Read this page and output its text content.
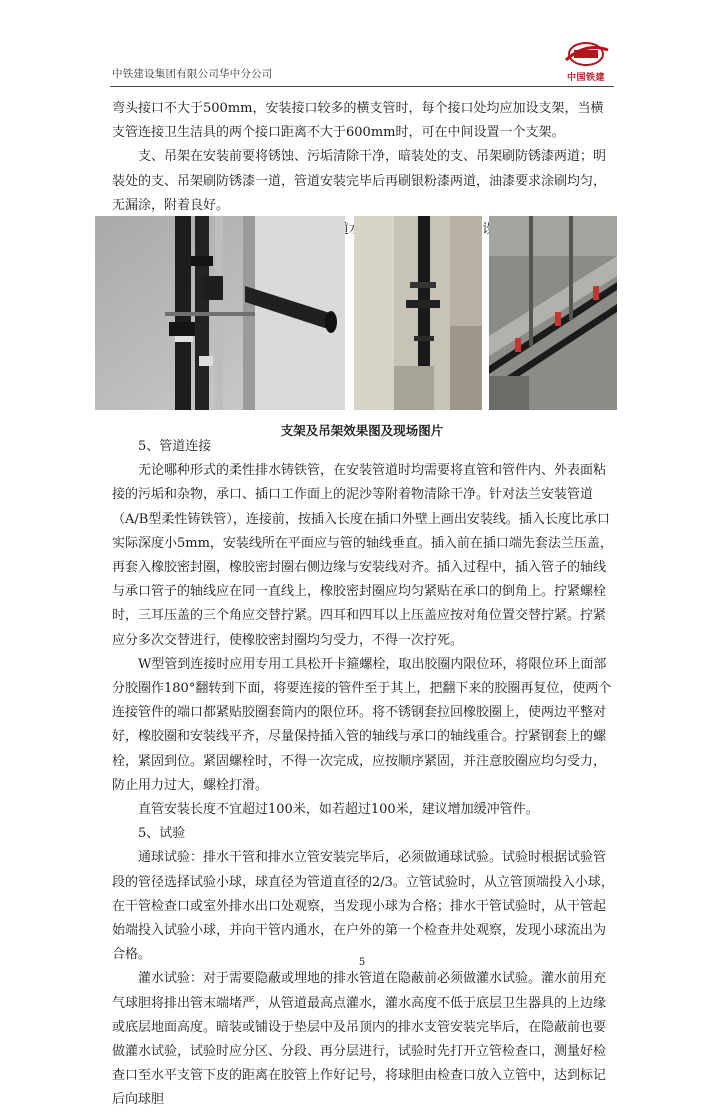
中铁建设集团有限公司华中分公司	中国铁建

弯头接口不大于500mm，安装接口较多的横支管时，每个接口处均应加设支架，当横支管连接卫生洁具的两个接口距离不大于600mm时，可在中间设置一个支架。

支、吊架在安装前要将锈蚀、污垢清除干净，暗装处的支、吊架刷防锈漆两道；明装处的支、吊架刷防锈漆一道，管道安装完毕后再刷银粉漆两道，油漆要求涂刷均匀，无漏涂，附着良好。

支架及吊架效果图及现场图片

5、管道连接

无论哪种形式的柔性排水铸铁管，在安装管道时均需要将直管和管件内、外表面粘接的污垢和杂物，承口、插口工作面上的泥沙等附着物清除干净。针对法兰安装管道（A/B型柔性铸铁管），连接前，按插入长度在插口外壁上画出安装线。插入长度比承口实际深度小5mm，安装线所在平面应与管的轴线垂直。插入前在插口端先套法兰压盖，再套入橡胶密封圈，橡胶密封圈右侧边缘与安装线对齐。插入过程中，插入管子的轴线与承口管子的轴线应在同一直线上，橡胶密封圈应均匀紧贴在承口的倒角上。拧紧螺栓时，三耳压盖的三个角应交替拧紧。四耳和四耳以上压盖应按对角位置交替拧紧。拧紧应分多次交替进行，使橡胶密封圈均匀受力，不得一次拧死。

W型管到连接时应用专用工具松开卡箍螺栓，取出胶圈内限位环，将限位环上面部分胶圈作180°翻转到下面，将要连接的管件至于其上，把翻下来的胶圈再复位，使两个连接管件的端口都紧贴胶圈套筒内的限位环。将不锈钢套拉回橡胶圈上，使两边平整对好，橡胶圈和安装线平齐，尽量保持插入管的轴线与承口的轴线重合。拧紧钢套上的螺栓，紧固到位。紧固螺栓时，不得一次完成，应按顺序紧固，并注意胶圈应均匀受力，防止用力过大，螺栓打滑。

直管安装长度不宜超过100米，如若超过100米，建议增加缓冲管件。

5、试验

通球试验：排水干管和排水立管安装完毕后，必须做通球试验。试验时根据试验管段的管径选择试验小球，球直径为管道直径的2/3。立管试验时，从立管顶端投入小球，在干管检查口或室外排水出口处观察，当发现小球为合格；排水干管试验时，从干管起始端投入试验小球，并向干管内通水，在户外的第一个检查井处观察，发现小球流出为合格。

灌水试验：对于需要隐蔽或埋地的排水管道在隐蔽前必须做灌水试验。灌水前用充气球胆将排出管末端堵严，从管道最高点灌水，灌水高度不低于底层卫生器具的上边缘或底层地面高度。暗装或铺设于垫层中及吊顶内的排水支管安装完毕后，在隐蔽前也要做灌水试验，试验时应分区、分段、再分层进行，试验时先打开立管检查口，测量好检查口至水平支管下皮的距离在胶管上作好记号，将球胆由检查口放入立管中，达到标记后向球胆

5
